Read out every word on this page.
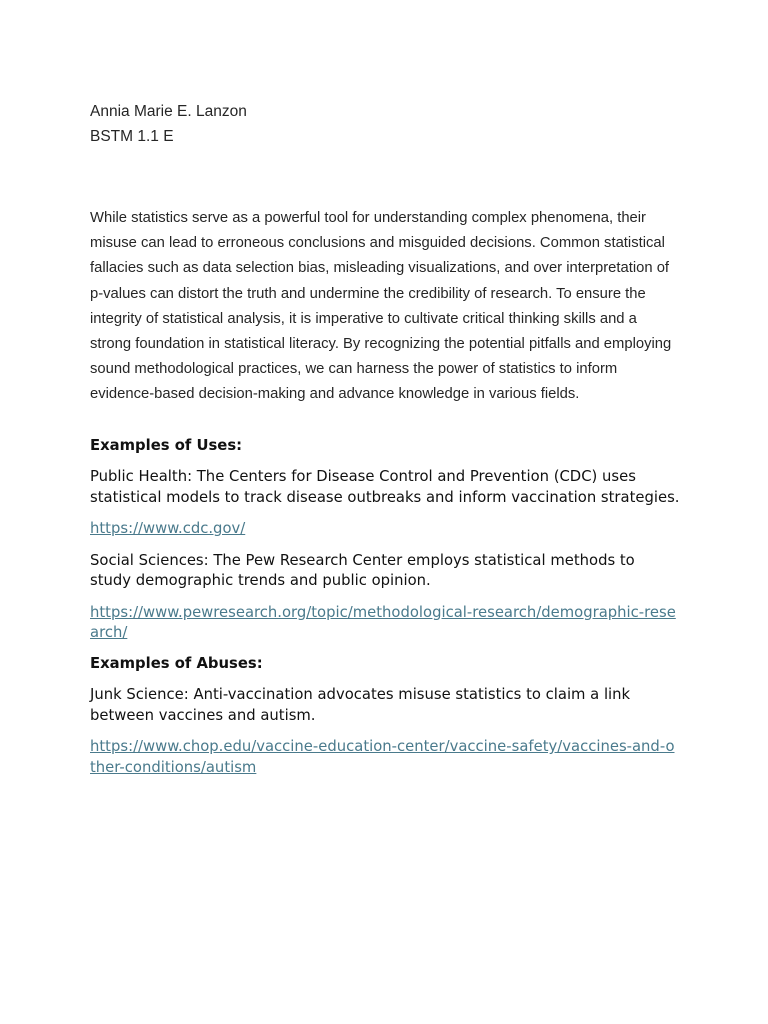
Annia Marie E. Lanzon

BSTM 1.1 E

While statistics serve as a powerful tool for understanding complex phenomena, their misuse can lead to erroneous conclusions and misguided decisions. Common statistical fallacies such as data selection bias, misleading visualizations, and over interpretation of p-values can distort the truth and undermine the credibility of research. To ensure the integrity of statistical analysis, it is imperative to cultivate critical thinking skills and a strong foundation in statistical literacy. By recognizing the potential pitfalls and employing sound methodological practices, we can harness the power of statistics to inform evidence-based decision-making and advance knowledge in various fields.

Examples of Uses:

Public Health: The Centers for Disease Control and Prevention (CDC) uses statistical models to track disease outbreaks and inform vaccination strategies.

https://www.cdc.gov/

Social Sciences: The Pew Research Center employs statistical methods to study demographic trends and public opinion.

https://www.pewresearch.org/topic/methodological-research/demographic-research/

Examples of Abuses:

Junk Science: Anti-vaccination advocates misuse statistics to claim a link between vaccines and autism.

https://www.chop.edu/vaccine-education-center/vaccine-safety/vaccines-and-other-conditions/autism
